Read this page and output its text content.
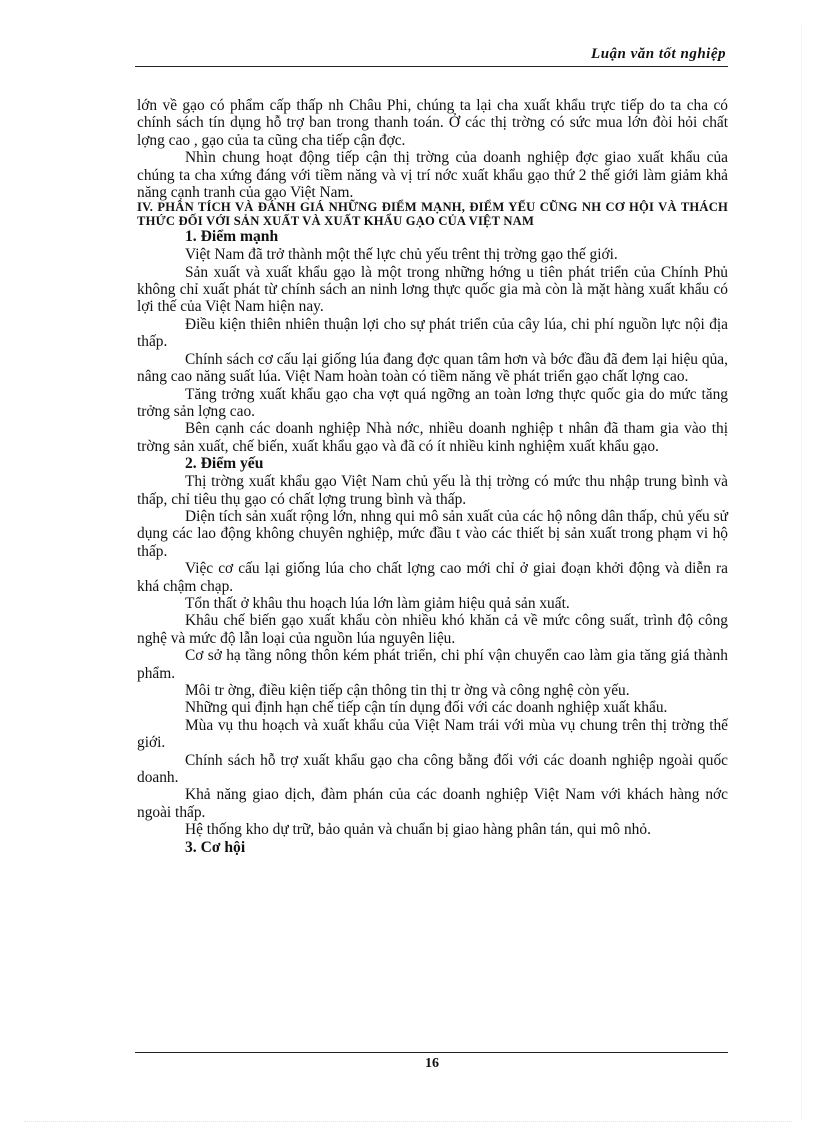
Luận văn tốt nghiệp

lớn về gạo có phẩm cấp thấp nh Châu Phi, chúng ta lại cha xuất khẩu trực tiếp do ta cha có chính sách tín dụng hỗ trợ ban trong thanh toán. Ở các thị trờng có sức mua lớn đòi hỏi chất lợng cao , gạo của ta cũng cha tiếp cận đợc.

Nhìn chung hoạt động tiếp cận thị trờng của doanh nghiệp đợc giao xuất khẩu của chúng ta cha xứng đáng với tiềm năng và vị trí nớc xuất khẩu gạo thứ 2 thế giới làm giảm khả năng cạnh tranh của gạo Việt Nam.

IV. PHÂN TÍCH VÀ ĐÁNH GIÁ NHỮNG ĐIỂM MẠNH, ĐIỂM YẾU CŨNG NH CƠ HỘI VÀ THÁCH THỨC ĐỐI VỚI SẢN XUẤT VÀ XUẤT KHẨU GẠO CỦA VIỆT NAM
1. Điểm mạnh

Việt Nam đã trở thành một thế lực chủ yếu trênt thị trờng gạo thế giới.

Sản xuất và xuất khẩu gạo là một trong những hớng u tiên phát triển của Chính Phủ không chỉ xuất phát từ chính sách an ninh lơng thực quốc gia mà còn là mặt hàng xuất khẩu có lợi thế của Việt Nam hiện nay.

Điều kiện thiên nhiên thuận lợi cho sự phát triển của cây lúa, chi phí nguồn lực nội địa thấp.

Chính sách cơ cấu lại giống lúa đang đợc quan tâm hơn và bớc đầu đã đem lại hiệu qủa, nâng cao năng suất lúa. Việt Nam hoàn toàn có tiềm năng về phát triển gạo chất lợng cao.

Tăng trởng xuất khẩu gạo cha vợt quá ngỡng an toàn lơng thực quốc gia do mức tăng trởng sản lợng cao.

Bên cạnh các doanh nghiệp Nhà nớc, nhiều doanh nghiệp t nhân đã tham gia vào thị trờng sản xuất, chế biến, xuất khẩu gạo và đã có ít nhiều kinh nghiệm xuất khẩu gạo.

2. Điểm yếu

Thị trờng xuất khẩu gạo Việt Nam chủ yếu là thị trờng có mức thu nhập trung bình và thấp, chỉ tiêu thụ gạo có chất lợng trung bình và thấp.

Diện tích sản xuất rộng lớn, nhng qui mô sản xuất của các hộ nông dân thấp, chủ yếu sử dụng các lao động không chuyên nghiệp, mức đầu t vào các thiết bị sản xuất trong phạm vi hộ thấp.

Việc cơ cấu lại giống lúa cho chất lợng cao mới chỉ ở giai đoạn khởi động và diễn ra khá chậm chạp.

Tổn thất ở khâu thu hoạch lúa lớn làm giảm hiệu quả sản xuất.

Khâu chế biến gạo xuất khẩu còn nhiều khó khăn cả về mức công suất, trình độ công nghệ và mức độ lẫn loại của nguồn lúa nguyên liệu.

Cơ sở hạ tầng nông thôn kém phát triển, chi phí vận chuyển cao làm gia tăng giá thành phẩm.

Môi tr ờng, điều kiện tiếp cận thông tin thị tr ờng và công nghệ còn yếu.

Những qui định hạn chế tiếp cận tín dụng đối với các doanh nghiệp xuất khẩu.

Mùa vụ thu hoạch và xuất khẩu của Việt Nam trái với mùa vụ chung trên thị trờng thế giới.

Chính sách hỗ trợ xuất khẩu gạo cha công bằng đối với các doanh nghiệp ngoài quốc doanh.

Khả năng giao dịch, đàm phán của các doanh nghiệp Việt Nam với khách hàng nớc ngoài thấp.

Hệ thống kho dự trữ, bảo quản và chuẩn bị giao hàng phân tán, qui mô nhỏ.

3. Cơ hội
16
